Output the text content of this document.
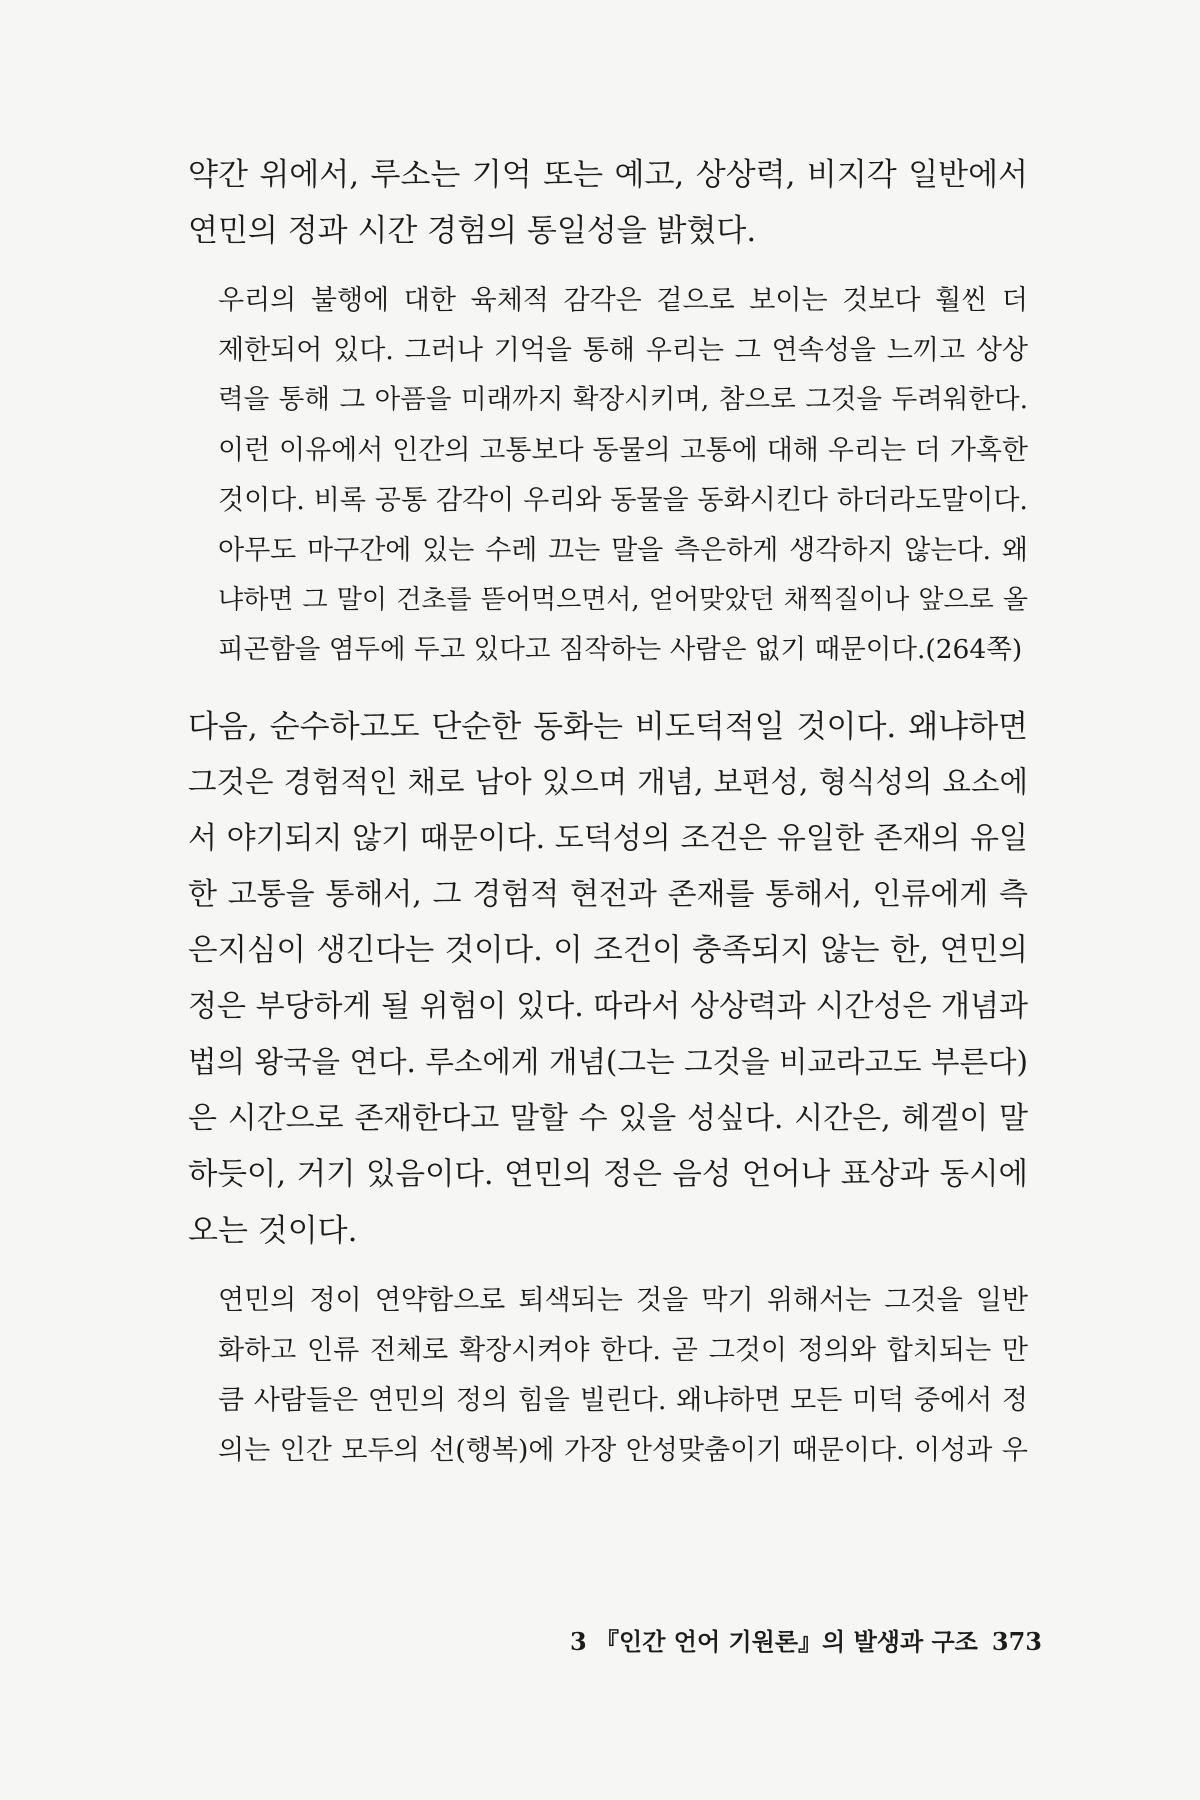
약간 위에서, 루소는 기억 또는 예고, 상상력, 비지각 일반에서

연민의 정과 시간 경험의 통일성을 밝혔다.

우리의 불행에 대한 육체적 감각은 겉으로 보이는 것보다 훨씬 더

제한되어 있다. 그러나 기억을 통해 우리는 그 연속성을 느끼고 상상

력을 통해 그 아픔을 미래까지 확장시키며, 참으로 그것을 두려워한다.

이런 이유에서 인간의 고통보다 동물의 고통에 대해 우리는 더 가혹한

것이다. 비록 공통 감각이 우리와 동물을 동화시킨다 하더라도말이다.

아무도 마구간에 있는 수레 끄는 말을 측은하게 생각하지 않는다. 왜

냐하면 그 말이 건초를 뜯어먹으면서, 얻어맞았던 채찍질이나 앞으로 올

피곤함을 염두에 두고 있다고 짐작하는 사람은 없기 때문이다.(264쪽)

다음, 순수하고도 단순한 동화는 비도덕적일 것이다. 왜냐하면

그것은 경험적인 채로 남아 있으며 개념, 보편성, 형식성의 요소에

서 야기되지 않기 때문이다. 도덕성의 조건은 유일한 존재의 유일

한 고통을 통해서, 그 경험적 현전과 존재를 통해서, 인류에게 측

은지심이 생긴다는 것이다. 이 조건이 충족되지 않는 한, 연민의

정은 부당하게 될 위험이 있다. 따라서 상상력과 시간성은 개념과

법의 왕국을 연다. 루소에게 개념(그는 그것을 비교라고도 부른다)

은 시간으로 존재한다고 말할 수 있을 성싶다. 시간은, 헤겔이 말

하듯이, 거기 있음이다. 연민의 정은 음성 언어나 표상과 동시에

오는 것이다.

연민의 정이 연약함으로 퇴색되는 것을 막기 위해서는 그것을 일반

화하고 인류 전체로 확장시켜야 한다. 곧 그것이 정의와 합치되는 만

큼 사람들은 연민의 정의 힘을 빌린다. 왜냐하면 모든 미덕 중에서 정

의는 인간 모두의 선(행복)에 가장 안성맞춤이기 때문이다. 이성과 우

3 『인간 언어 기원론』의 발생과 구조 373
